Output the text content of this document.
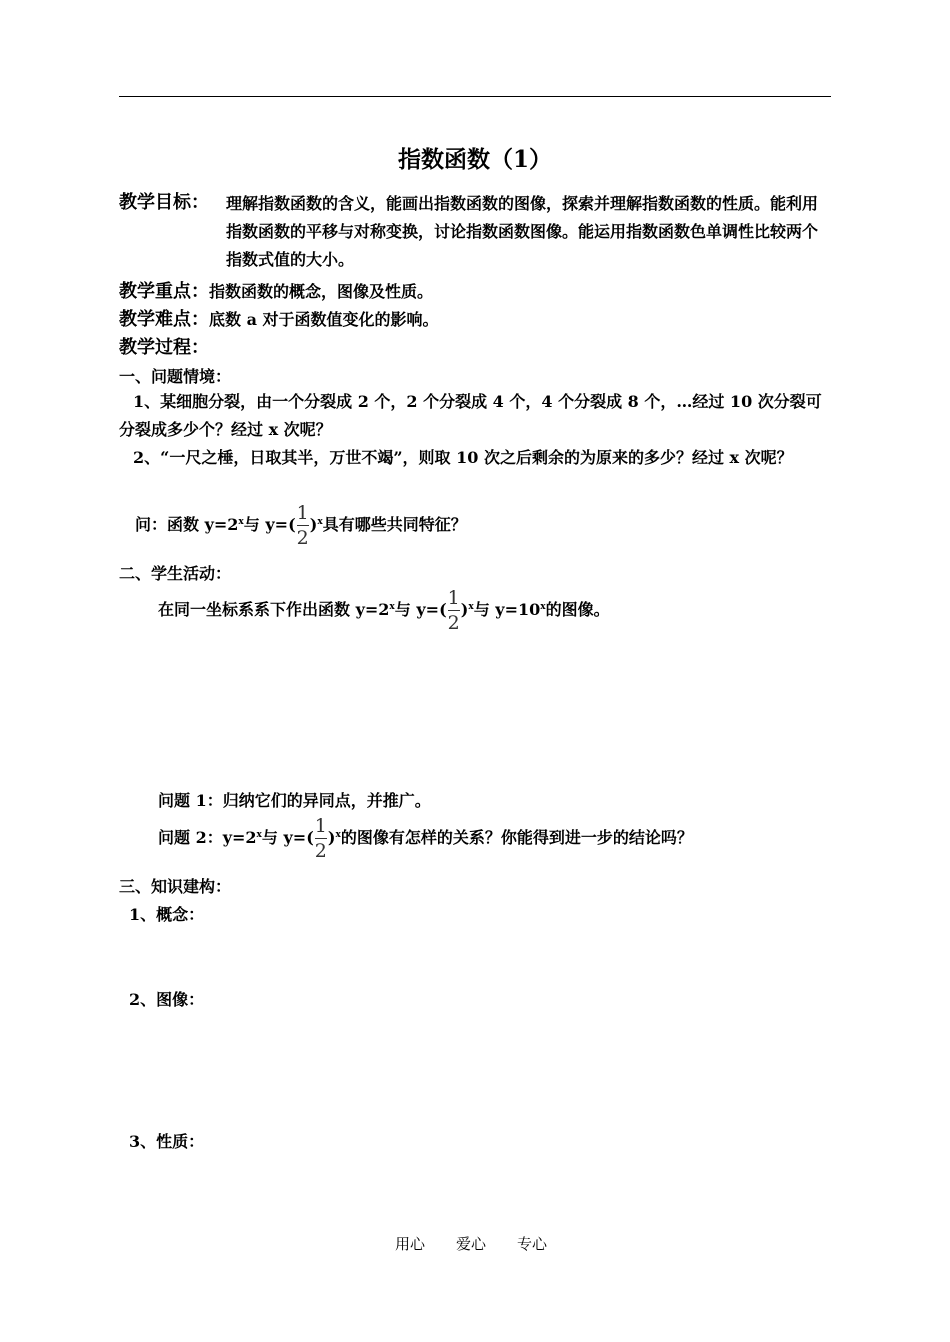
指数函数（1）
教学目标： 理解指数函数的含义，能画出指数函数的图像，探索并理解指数函数的性质。能利用指数函数的平移与对称变换，讨论指数函数图像。能运用指数函数色单调性比较两个指数式值的大小。
教学重点：指数函数的概念，图像及性质。
教学难点：底数 a 对于函数值变化的影响。
教学过程：
一、问题情境：
1、某细胞分裂，由一个分裂成 2 个，2 个分裂成 4 个，4 个分裂成 8 个，…经过 10 次分裂可分裂成多少个？经过 x 次呢？
2、“一尺之棰，日取其半，万世不竭”，则取 10 次之后剩余的为原来的多少？经过 x 次呢？
问：函数 $y=2^x$与 $y=( \frac{1}{2} )^x$具有哪些共同特征？
二、学生活动：
在同一坐标系系下作出函数 $y=2^x$与 $y=( \frac{1}{2} )^x$与 $y=10^x$的图像。
问题 1：归纳它们的异同点，并推广。
问题 2：$y=2^x$与 $y=( \frac{1}{2} )^x$的图像有怎样的关系？你能得到进一步的结论吗？
三、知识建构：
1、概念：
2、图像：
3、性质：
用心 爱心 专心
